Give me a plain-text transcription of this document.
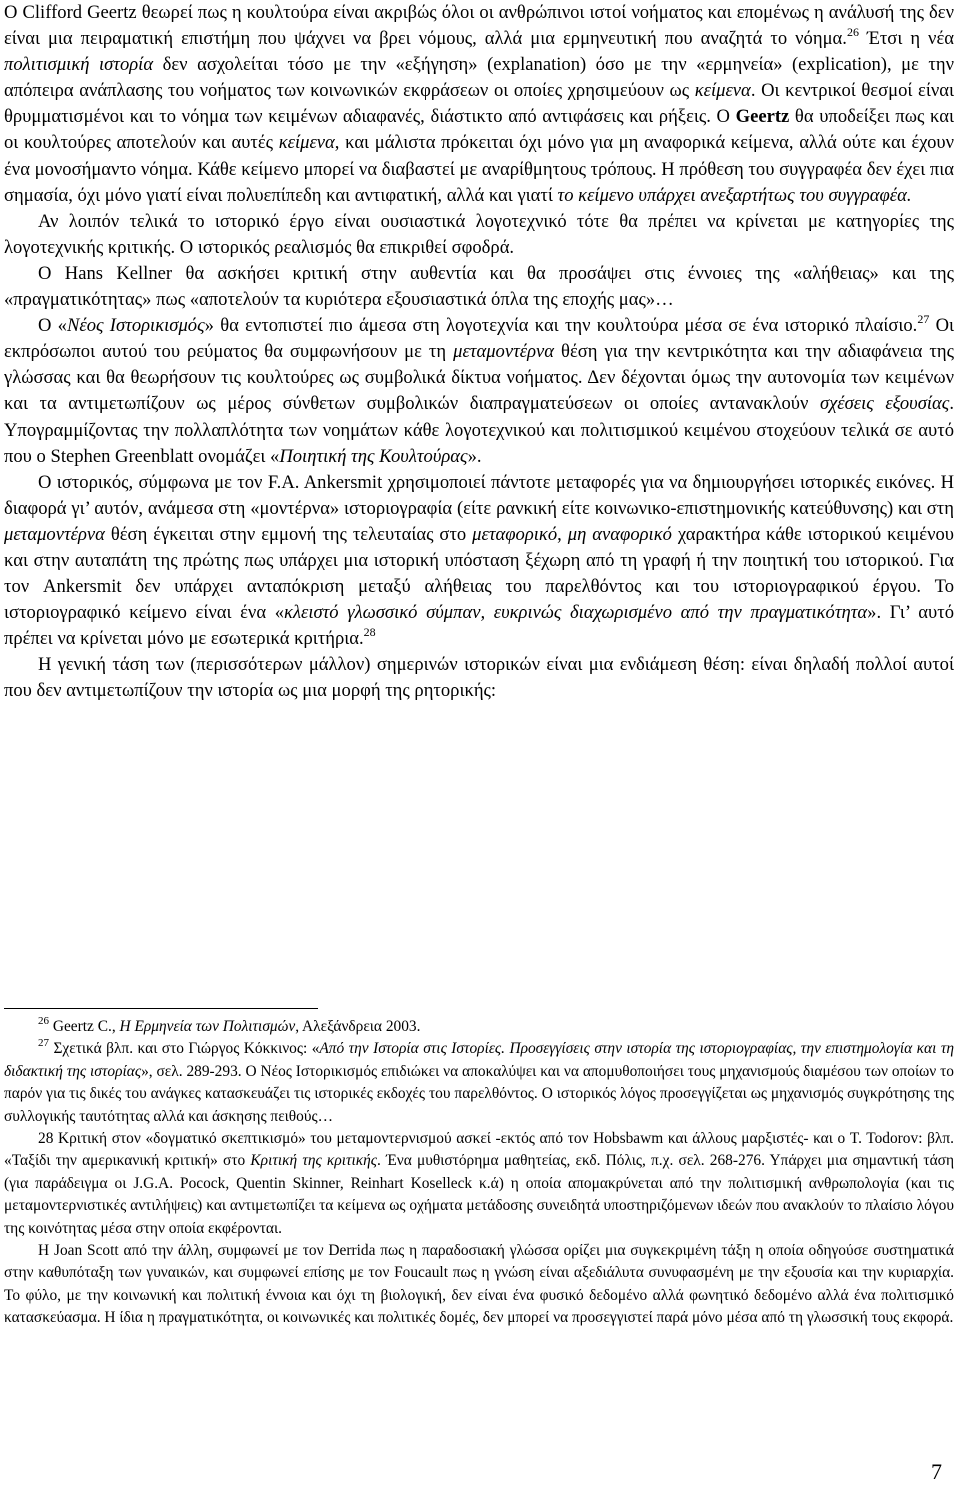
Ο Clifford Geertz θεωρεί πως η κουλτούρα είναι ακριβώς όλοι οι ανθρώπινοι ιστοί νοήματος και επομένως η ανάλυσή της δεν είναι μια πειραματική επιστήμη που ψάχνει να βρει νόμους, αλλά μια ερμηνευτική που αναζητά το νόημα.$^{26}$ Έτσι η νέα πολιτισμική ιστορία δεν ασχολείται τόσο με την «εξήγηση» (explanation) όσο με την «ερμηνεία» (explication), με την απόπειρα ανάπλασης του νοήματος των κοινωνικών εκφράσεων οι οποίες χρησιμεύουν ως κείμενα. Οι κεντρικοί θεσμοί είναι θρυμματισμένοι και το νόημα των κειμένων αδιαφανές, διάστικτο από αντιφάσεις και ρήξεις. Ο Geertz θα υποδείξει πως και οι κουλτούρες αποτελούν και αυτές κείμενα, και μάλιστα πρόκειται όχι μόνο για μη αναφορικά κείμενα, αλλά ούτε και έχουν ένα μονοσήμαντο νόημα. Κάθε κείμενο μπορεί να διαβαστεί με αναρίθμητους τρόπους. Η πρόθεση του συγγραφέα δεν έχει πια σημασία, όχι μόνο γιατί είναι πολυεπίπεδη και αντιφατική, αλλά και γιατί το κείμενο υπάρχει ανεξαρτήτως του συγγραφέα.

Αν λοιπόν τελικά το ιστορικό έργο είναι ουσιαστικά λογοτεχνικό τότε θα πρέπει να κρίνεται με κατηγορίες της λογοτεχνικής κριτικής. Ο ιστορικός ρεαλισμός θα επικριθεί σφοδρά.

Ο Hans Kellner θα ασκήσει κριτική στην αυθεντία και θα προσάψει στις έννοιες της «αλήθειας» και της «πραγματικότητας» πως «αποτελούν τα κυριότερα εξουσιαστικά όπλα της εποχής μας»…

Ο «Νέος Ιστορικισμός» θα εντοπιστεί πιο άμεσα στη λογοτεχνία και την κουλτούρα μέσα σε ένα ιστορικό πλαίσιο.$^{27}$ Οι εκπρόσωποι αυτού του ρεύματος θα συμφωνήσουν με τη μεταμοντέρνα θέση για την κεντρικότητα και την αδιαφάνεια της γλώσσας και θα θεωρήσουν τις κουλτούρες ως συμβολικά δίκτυα νοήματος. Δεν δέχονται όμως την αυτονομία των κειμένων και τα αντιμετωπίζουν ως μέρος σύνθετων συμβολικών διαπραγματεύσεων οι οποίες αντανακλούν σχέσεις εξουσίας. Υπογραμμίζοντας την πολλαπλότητα των νοημάτων κάθε λογοτεχνικού και πολιτισμικού κειμένου στοχεύουν τελικά σε αυτό που ο Stephen Greenblatt ονομάζει «Ποιητική της Κουλτούρας».

Ο ιστορικός, σύμφωνα με τον F.A. Ankersmit χρησιμοποιεί πάντοτε μεταφορές για να δημιουργήσει ιστορικές εικόνες. Η διαφορά γι’ αυτόν, ανάμεσα στη «μοντέρνα» ιστοριογραφία (είτε ρανκική είτε κοινωνικο-επιστημονικής κατεύθυνσης) και στη μεταμοντέρνα θέση έγκειται στην εμμονή της τελευταίας στο μεταφορικό, μη αναφορικό χαρακτήρα κάθε ιστορικού κειμένου και στην αυταπάτη της πρώτης πως υπάρχει μια ιστορική υπόσταση ξέχωρη από τη γραφή ή την ποιητική του ιστορικού. Για τον Ankersmit δεν υπάρχει ανταπόκριση μεταξύ αλήθειας του παρελθόντος και του ιστοριογραφικού έργου. Το ιστοριογραφικό κείμενο είναι ένα «κλειστό γλωσσικό σύμπαν, ευκρινώς διαχωρισμένο από την πραγματικότητα». Γι’ αυτό πρέπει να κρίνεται μόνο με εσωτερικά κριτήρια.$^{28}$

Η γενική τάση των (περισσότερων μάλλον) σημερινών ιστορικών είναι μια ενδιάμεση θέση: είναι δηλαδή πολλοί αυτοί που δεν αντιμετωπίζουν την ιστορία ως μια μορφή της ρητορικής:

$^{26}$ Geertz C., Η Ερμηνεία των Πολιτισμών, Αλεξάνδρεια 2003.

$^{27}$ Σχετικά βλπ. και στο Γιώργος Κόκκινος: «Από την Ιστορία στις Ιστορίες. Προσεγγίσεις στην ιστορία της ιστοριογραφίας, την επιστημολογία και τη διδακτική της ιστορίας», σελ. 289-293. Ο Νέος Ιστορικισμός επιδιώκει να αποκαλύψει και να απομυθοποιήσει τους μηχανισμούς διαμέσου των οποίων το παρόν για τις δικές του ανάγκες κατασκευάζει τις ιστορικές εκδοχές του παρελθόντος. Ο ιστορικός λόγος προσεγγίζεται ως μηχανισμός συγκρότησης της συλλογικής ταυτότητας αλλά και άσκησης πειθούς…

28 Κριτική στον «δογματικό σκεπτικισμό» του μεταμοντερνισμού ασκεί -εκτός από τον Hobsbawm και άλλους μαρξιστές- και ο T. Todorov: βλπ. «Ταξίδι την αμερικανική κριτική» στο Κριτική της κριτικής. Ένα μυθιστόρημα μαθητείας, εκδ. Πόλις, π.χ. σελ. 268-276. Υπάρχει μια σημαντική τάση (για παράδειγμα οι J.G.A. Pocock, Quentin Skinner, Reinhart Koselleck κ.ά) η οποία απομακρύνεται από την πολιτισμική ανθρωπολογία (και τις μεταμοντερνιστικές αντιλήψεις) και αντιμετωπίζει τα κείμενα ως οχήματα μετάδοσης συνειδητά υποστηριζόμενων ιδεών που ανακλούν το πλαίσιο λόγου της κοινότητας μέσα στην οποία εκφέρονται.

Η Joan Scott από την άλλη, συμφωνεί με τον Derrida πως η παραδοσιακή γλώσσα ορίζει μια συγκεκριμένη τάξη η οποία οδηγούσε συστηματικά στην καθυπόταξη των γυναικών, και συμφωνεί επίσης με τον Foucault πως η γνώση είναι αξεδιάλυτα συνυφασμένη με την εξουσία και την κυριαρχία. Το φύλο, με την κοινωνική και πολιτική έννοια και όχι τη βιολογική, δεν είναι ένα φυσικό δεδομένο αλλά φωνητικό δεδομένο αλλά ένα πολιτισμικό κατασκεύασμα. Η ίδια η πραγματικότητα, οι κοινωνικές και πολιτικές δομές, δεν μπορεί να προσεγγιστεί παρά μόνο μέσα από τη γλωσσική τους εκφορά.

7
